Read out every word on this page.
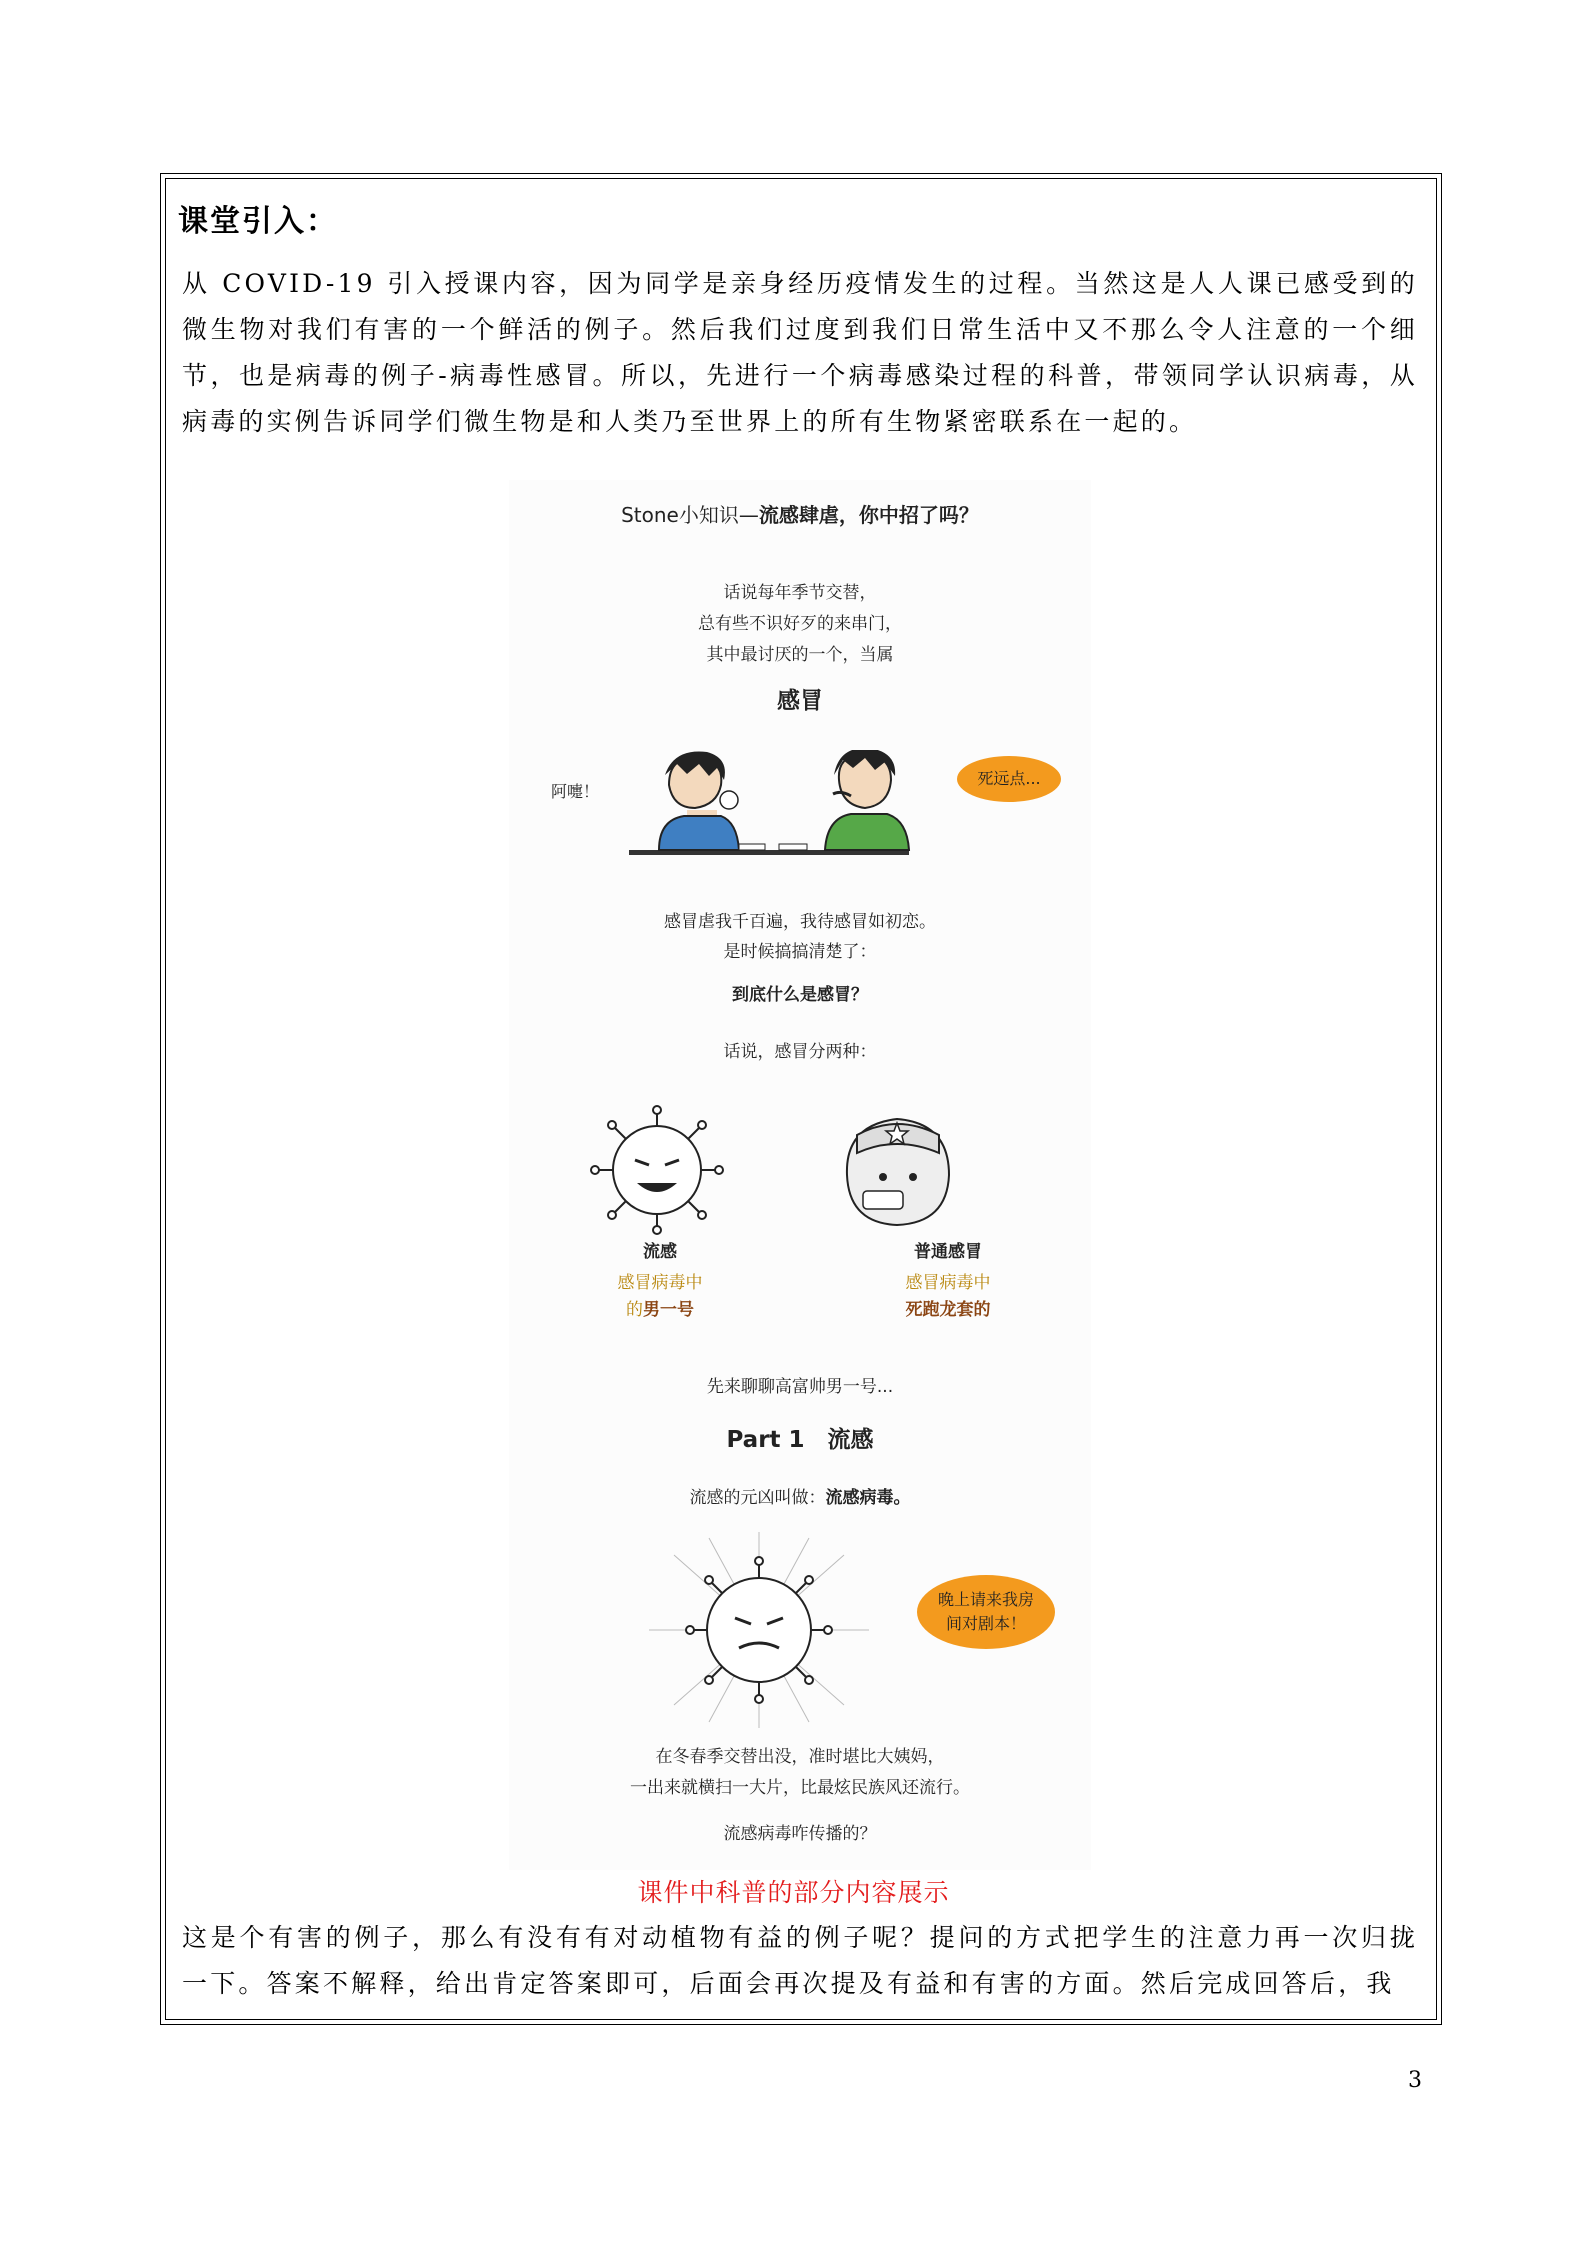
课堂引入：
从 COVID-19 引入授课内容，因为同学是亲身经历疫情发生的过程。当然这是人人课已感受到的微生物对我们有害的一个鲜活的例子。然后我们过度到我们日常生活中又不那么令人注意的一个细节，也是病毒的例子-病毒性感冒。所以，先进行一个病毒感染过程的科普，带领同学认识病毒，从病毒的实例告诉同学们微生物是和人类乃至世界上的所有生物紧密联系在一起的。
Stone小知识—流感肆虐，你中招了吗？
话说每年季节交替，
总有些不识好歹的来串门，
其中最讨厌的一个，当属
感冒
阿嚏！
死远点...
感冒虐我千百遍，我待感冒如初恋。
是时候搞搞清楚了：
到底什么是感冒？
话说，感冒分两种：
流感	普通感冒
感冒病毒中
的男一号
感冒病毒中
死跑龙套的
先来聊聊高富帅男一号...
Part 1　流感
流感的元凶叫做：流感病毒。
晚上请来我房
间对剧本！
在冬春季交替出没，准时堪比大姨妈，
一出来就横扫一大片，比最炫民族风还流行。
流感病毒咋传播的？
课件中科普的部分内容展示
这是个有害的例子，那么有没有有对动植物有益的例子呢？提问的方式把学生的注意力再一次归拢一下。答案不解释，给出肯定答案即可，后面会再次提及有益和有害的方面。然后完成回答后，我
3
